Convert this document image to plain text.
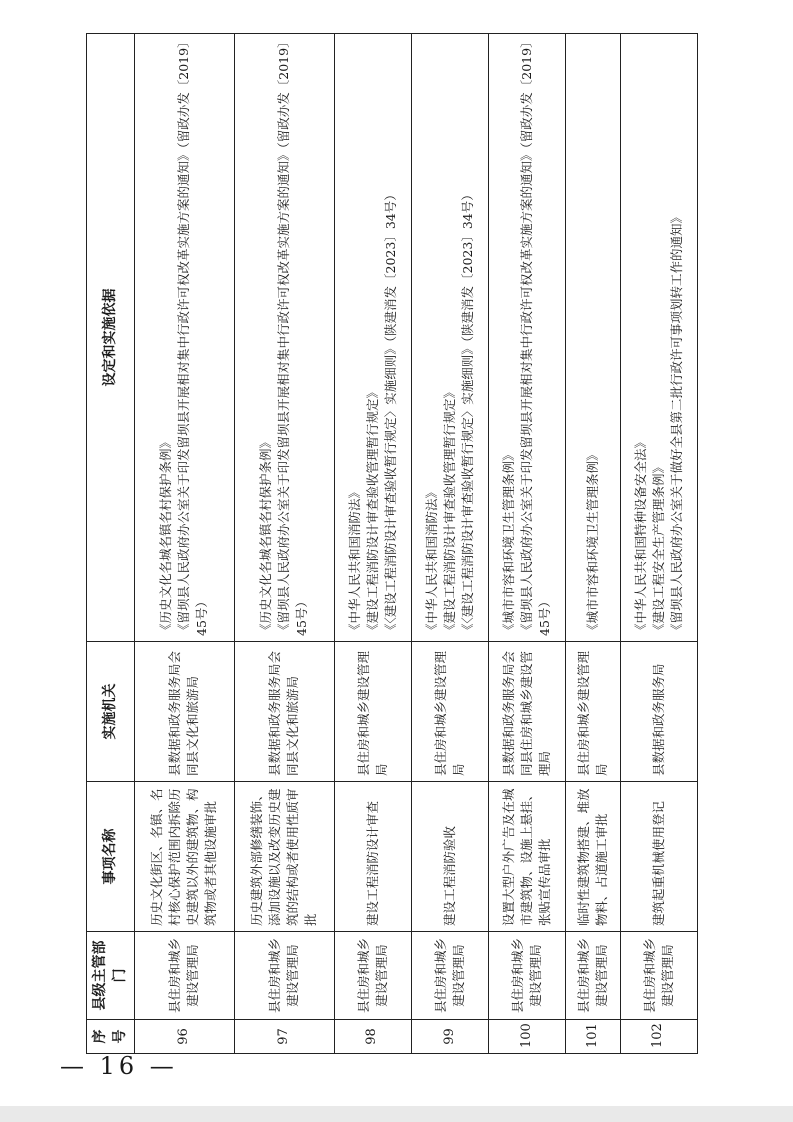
序号	县级主管部门	事项名称	实施机关	设定和实施依据
96	县住房和城乡建设管理局	历史文化街区、名镇、名村核心保护范围内拆除历史建筑以外的建筑物、构筑物或者其他设施审批	县数据和政务服务局会同县文化和旅游局	《历史文化名城名镇名村保护条例》 《留坝县人民政府办公室关于印发留坝县开展相对集中行政许可权改革实施方案的通知》（留政办发〔2019〕45号）

97	县住房和城乡建设管理局	历史建筑外部修缮装饰、添加设施以及改变历史建筑的结构或者使用性质审批	县数据和政务服务局会同县文化和旅游局	《历史文化名城名镇名村保护条例》 《留坝县人民政府办公室关于印发留坝县开展相对集中行政许可权改革实施方案的通知》（留政办发〔2019〕45号）

98	县住房和城乡建设管理局	建设工程消防设计审查	县住房和城乡建设管理局	《中华人民共和国消防法》 《建设工程消防设计审查验收管理暂行规定》 《〈建设工程消防设计审查验收暂行规定〉实施细则》（陕建消发〔2023〕34号）

99	县住房和城乡建设管理局	建设工程消防验收	县住房和城乡建设管理局	《中华人民共和国消防法》 《建设工程消防设计审查验收管理暂行规定》 《〈建设工程消防设计审查验收暂行规定〉实施细则》（陕建消发〔2023〕34号）

100	县住房和城乡建设管理局	设置大型户外广告及在城市建筑物、设施上悬挂、张贴宣传品审批	县数据和政务服务局会同县住房和城乡建设管理局	《城市市容和环境卫生管理条例》 《留坝县人民政府办公室关于印发留坝县开展相对集中行政许可权改革实施方案的通知》（留政办发〔2019〕45号）

101	县住房和城乡建设管理局	临时性建筑物搭建、堆放物料、占道施工审批	县住房和城乡建设管理局	《城市市容和环境卫生管理条例》

102	县住房和城乡建设管理局	建筑起重机械使用登记	县数据和政务服务局	《中华人民共和国特种设备安全法》 《建设工程安全生产管理条例》 《留坝县人民政府办公室关于做好全县第二批行政许可事项划转工作的通知》
— 16 —
